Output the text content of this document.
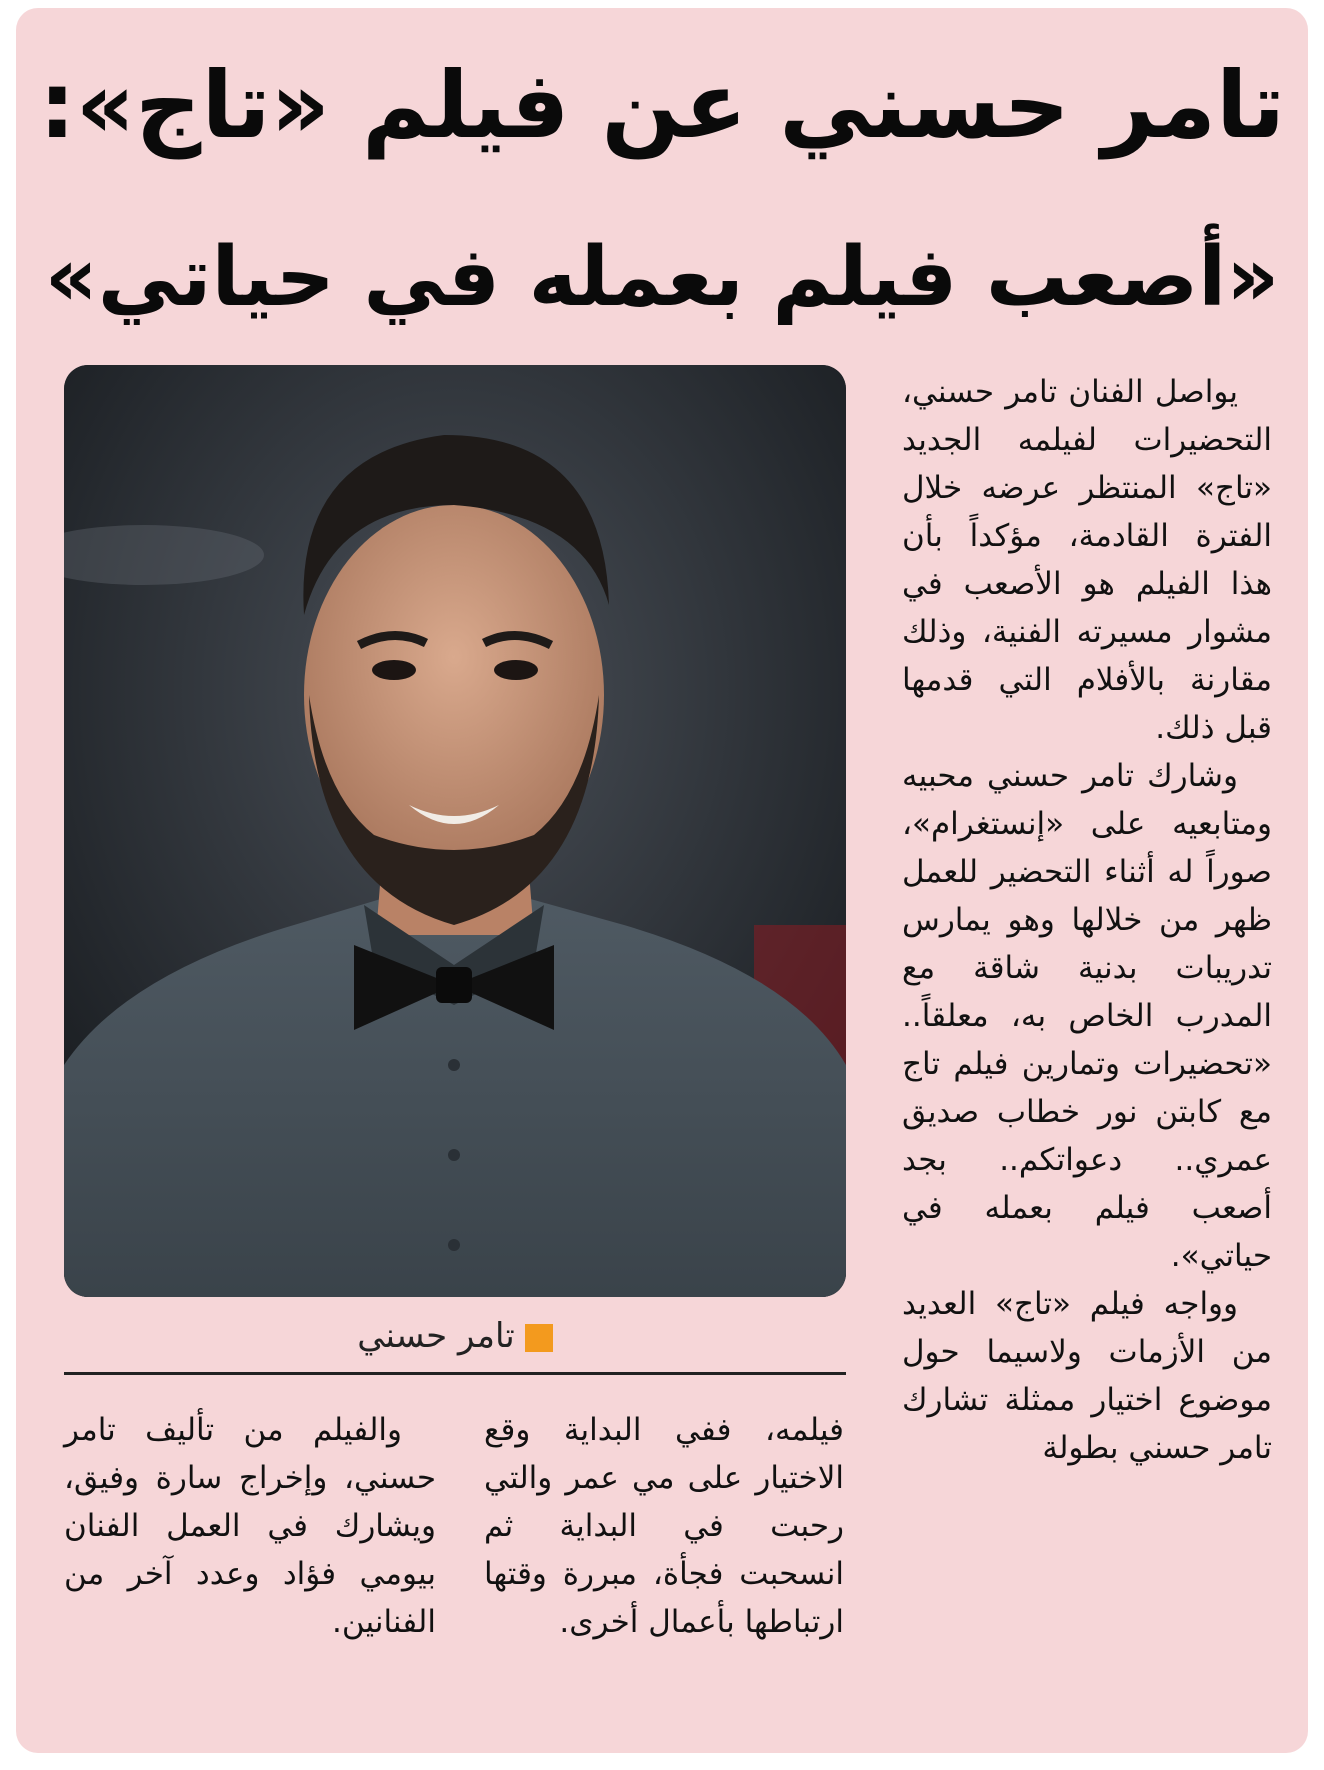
تامر حسني عن فيلم «تاج»:
«أصعب فيلم بعمله في حياتي»
تامر حسني

يواصل الفنان تامر حسني، التحضيرات لفيلمه الجديد «تاج» المنتظر عرضه خلال الفترة القادمة، مؤكداً بأن هذا الفيلم هو الأصعب في مشوار مسيرته الفنية، وذلك مقارنة بالأفلام التي قدمها قبل ذلك.

وشارك تامر حسني محبيه ومتابعيه على «إنستغرام»، صوراً له أثناء التحضير للعمل ظهر من خلالها وهو يمارس تدريبات بدنية شاقة مع المدرب الخاص به، معلقاً.. «تحضيرات وتمارين فيلم تاج مع كابتن نور خطاب صديق عمري.. دعواتكم.. بجد أصعب فيلم بعمله في حياتي».

وواجه فيلم «تاج» العديد من الأزمات ولاسيما حول موضوع اختيار ممثلة تشارك تامر حسني بطولة

فيلمه، ففي البداية وقع الاختيار على مي عمر والتي رحبت في البداية ثم انسحبت فجأة، مبررة وقتها ارتباطها بأعمال أخرى.

والفيلم من تأليف تامر حسني، وإخراج سارة وفيق، ويشارك في العمل الفنان بيومي فؤاد وعدد آخر من الفنانين.
